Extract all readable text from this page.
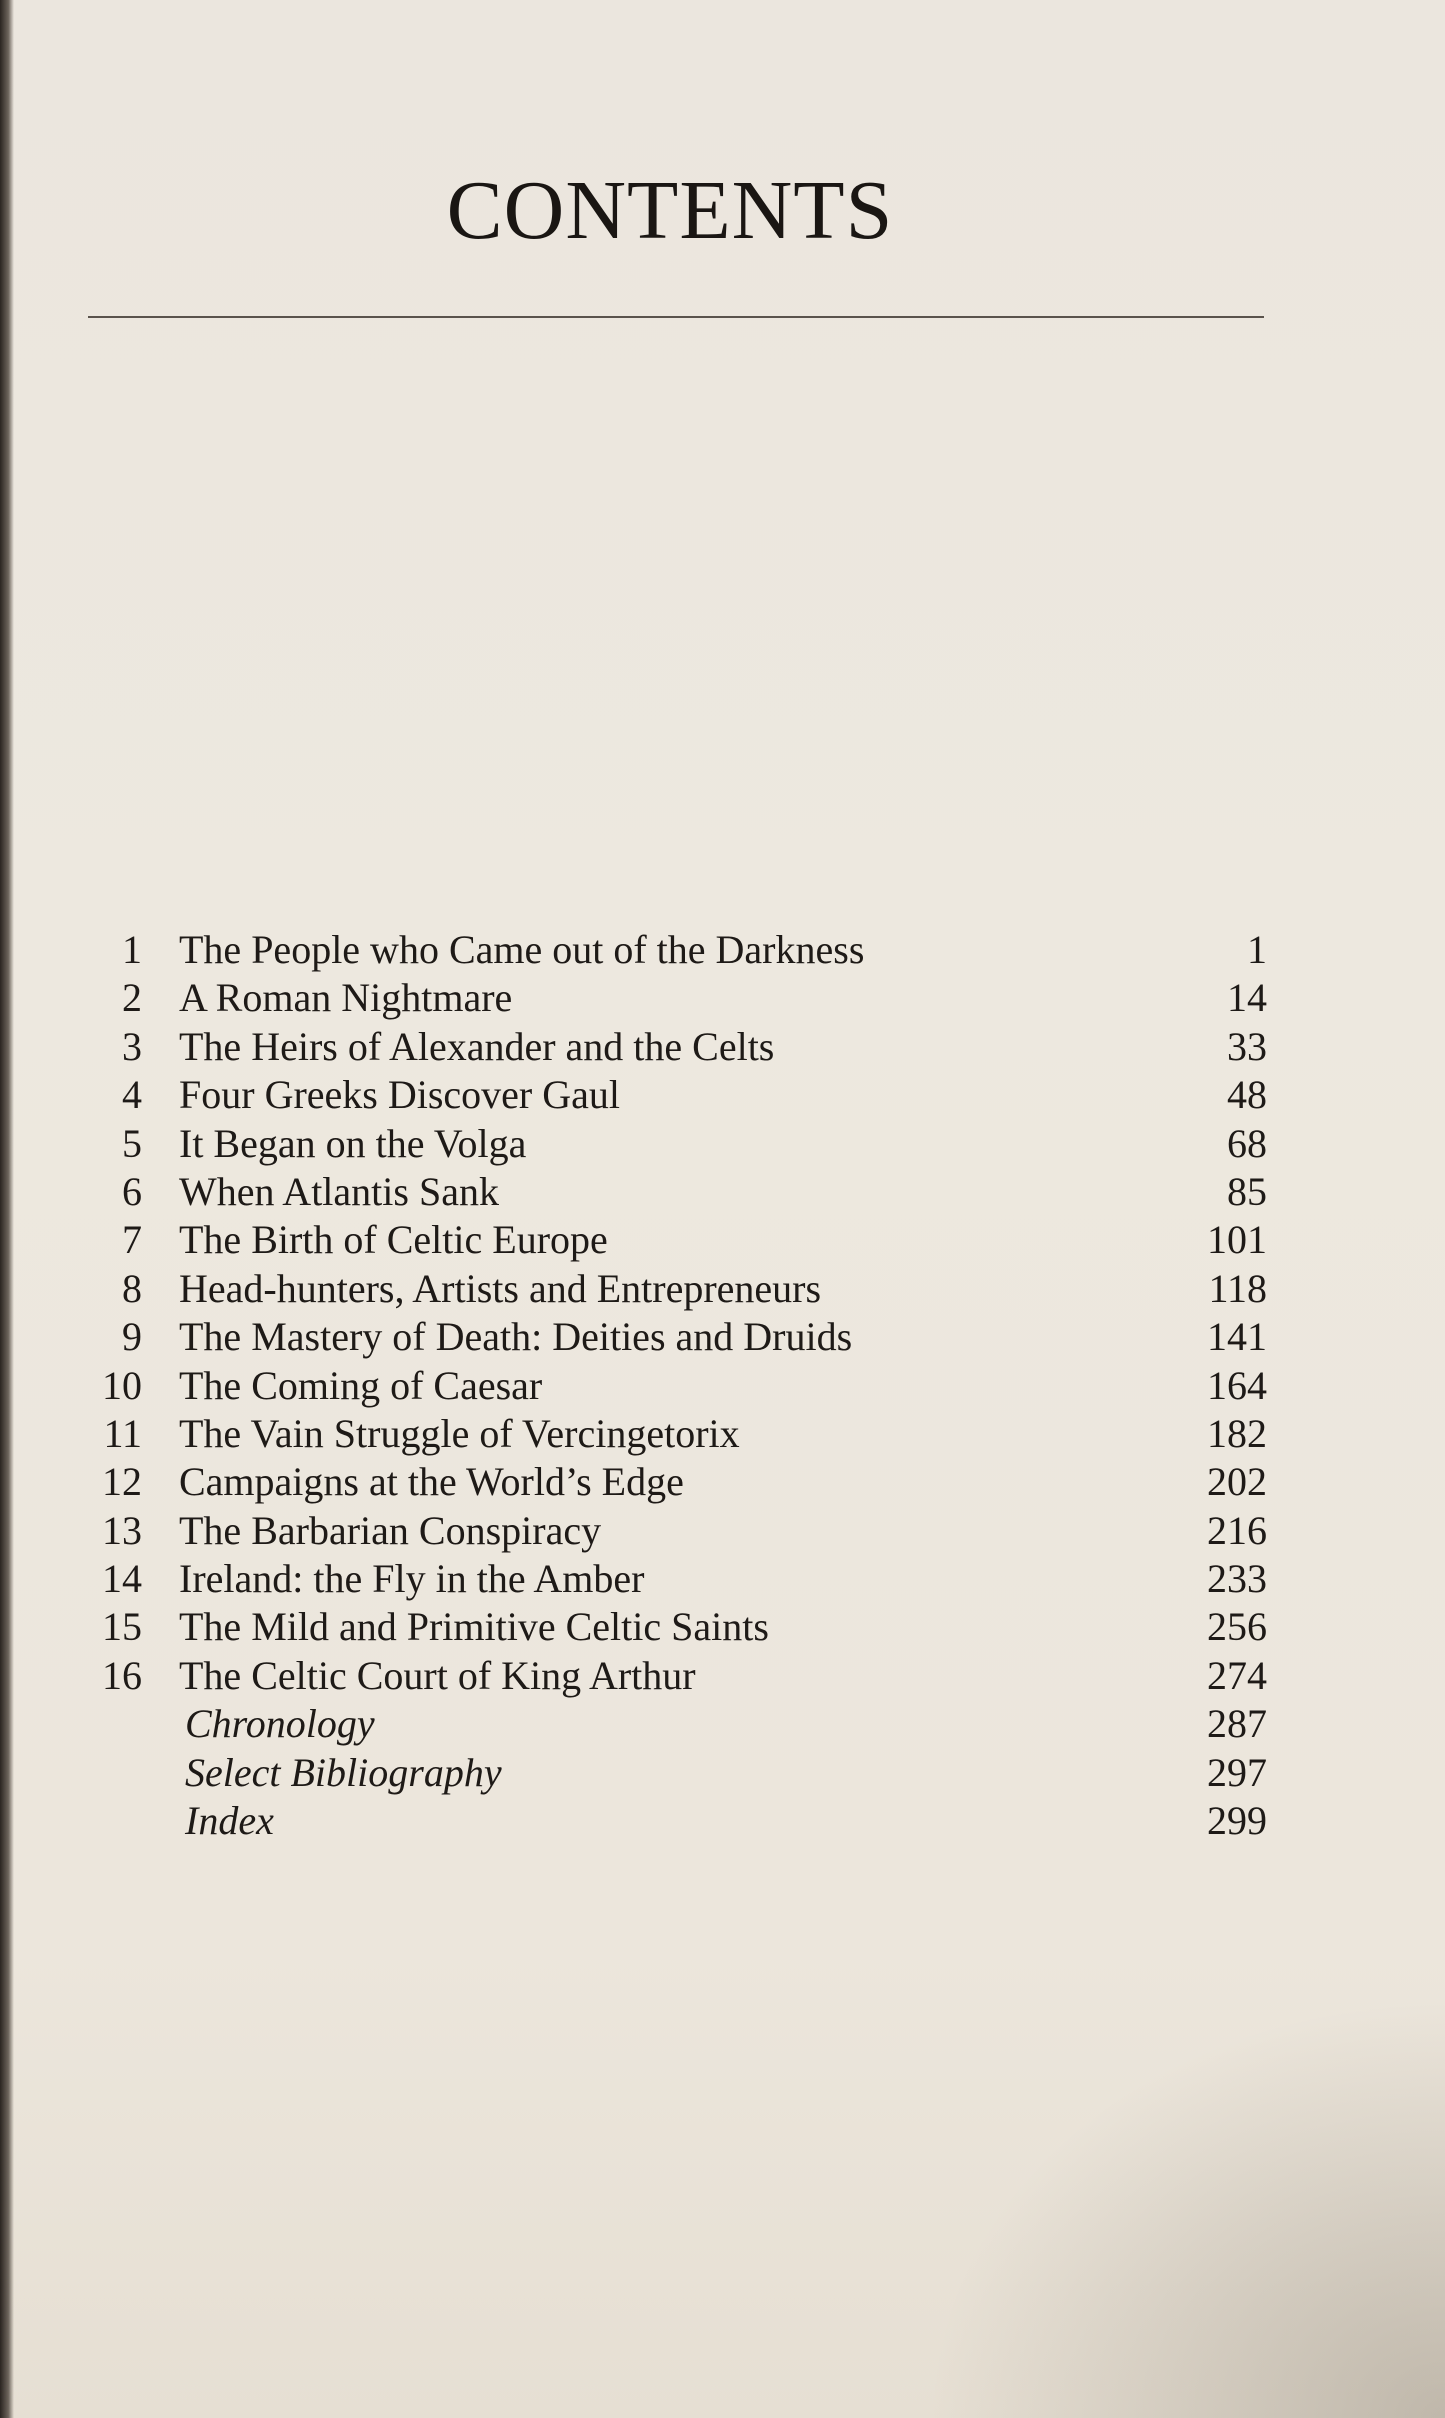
CONTENTS
1 The People who Came out of the Darkness	1
2 A Roman Nightmare	14
3 The Heirs of Alexander and the Celts	33
4 Four Greeks Discover Gaul	48
5 It Began on the Volga	68
6 When Atlantis Sank	85
7 The Birth of Celtic Europe	101
8 Head-hunters, Artists and Entrepreneurs	118
9 The Mastery of Death: Deities and Druids	141
10 The Coming of Caesar	164
11 The Vain Struggle of Vercingetorix	182
12 Campaigns at the World’s Edge	202
13 The Barbarian Conspiracy	216
14 Ireland: the Fly in the Amber	233
15 The Mild and Primitive Celtic Saints	256
16 The Celtic Court of King Arthur	274
Chronology	287
Select Bibliography	297
Index	299
